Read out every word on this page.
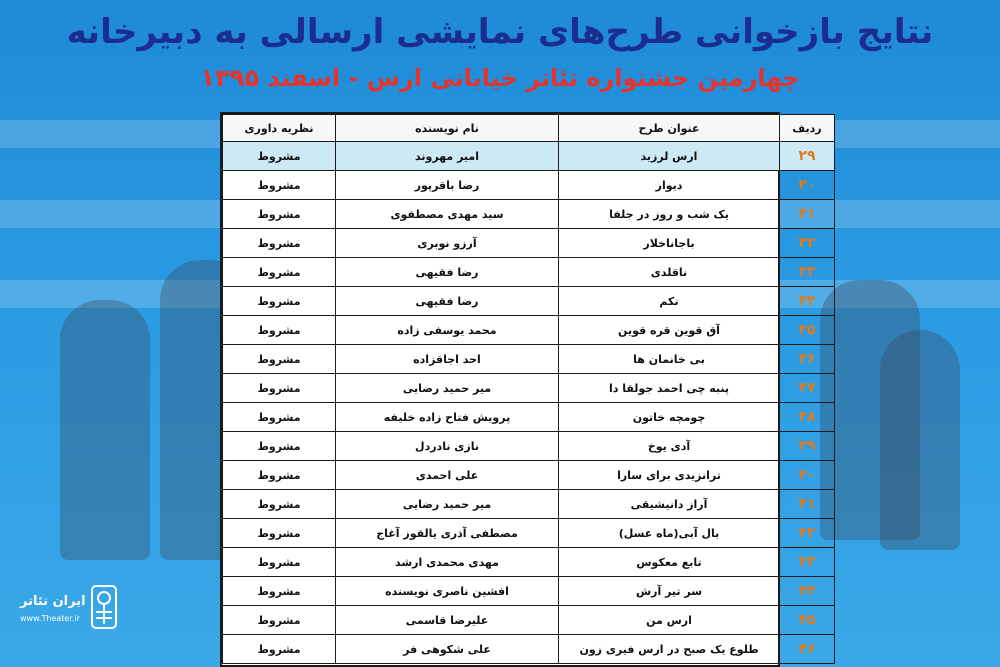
نتایج بازخوانی طرح‌های نمایشی ارسالی به دبیرخانه
چهارمین جشنواره تئاتر خیابانی ارس - اسفند ۱۳۹۵
ردیف	عنوان طرح	نام نویسنده	نظریه داوری
۲۹	ارس لرزید	امیر مهروند	مشروط
۳۰	دیوار	رضا باقرپور	مشروط
۳۱	یک شب و روز در جلفا	سید مهدی مصطفوی	مشروط
۳۲	باجاناخلار	آرزو نوبری	مشروط
۳۳	ناقلدی	رضا فقیهی	مشروط
۳۴	تکم	رضا فقیهی	مشروط
۳۵	آق قوین قره قوین	محمد یوسفی زاده	مشروط
۳۶	بی خانمان ها	احد اجاقزاده	مشروط
۳۷	پنبه چی احمد جولقا دا	میر حمید رضایی	مشروط
۳۸	چومچه خاتون	پرویش فتاح زاده خلیفه	مشروط
۳۹	آدی یوخ	نازی نادردل	مشروط
۴۰	ترانزیدی برای سارا	علی احمدی	مشروط
۴۱	آراز دانیشیقی	میر حمید رضایی	مشروط
۴۲	بال آبی(ماه عسل)	مصطفی آذری یالقوز آغاج	مشروط
۴۳	تابع معکوس	مهدی محمدی ارشد	مشروط
۴۴	سر تیر آرش	افشین ناصری نویسنده	مشروط
۴۵	ارس من	علیرضا قاسمی	مشروط
۴۶	طلوع یک صبح در ارس فیری زون	علی شکوهی فر	مشروط
ایران تئاتر
www.Theater.ir
